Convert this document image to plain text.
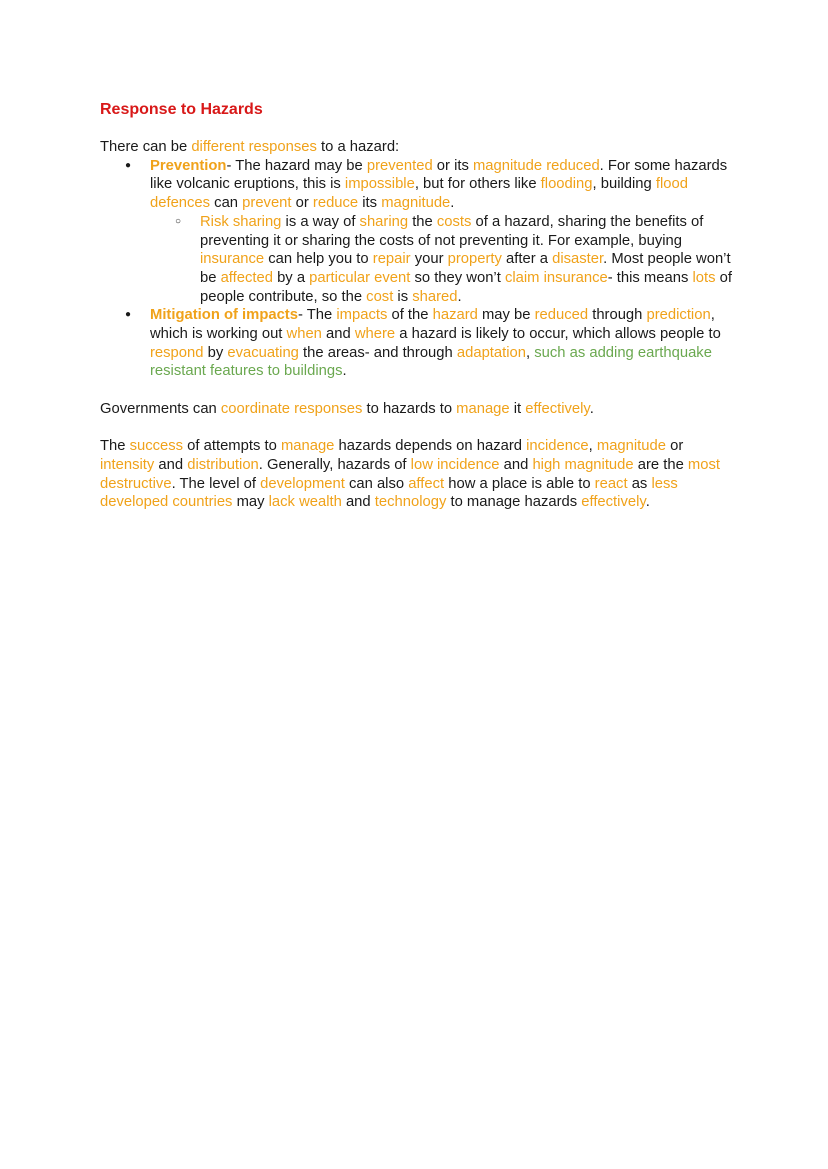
Response to Hazards

There can be different responses to a hazard:

● Prevention- The hazard may be prevented or its magnitude reduced. For some hazards like volcanic eruptions, this is impossible, but for others like flooding, building flood defences can prevent or reduce its magnitude.
○ Risk sharing is a way of sharing the costs of a hazard, sharing the benefits of preventing it or sharing the costs of not preventing it. For example, buying insurance can help you to repair your property after a disaster. Most people won’t be affected by a particular event so they won’t claim insurance- this means lots of people contribute, so the cost is shared.
● Mitigation of impacts- The impacts of the hazard may be reduced through prediction, which is working out when and where a hazard is likely to occur, which allows people to respond by evacuating the areas- and through adaptation, such as adding earthquake resistant features to buildings.

Governments can coordinate responses to hazards to manage it effectively.

The success of attempts to manage hazards depends on hazard incidence, magnitude or intensity and distribution. Generally, hazards of low incidence and high magnitude are the most destructive. The level of development can also affect how a place is able to react as less developed countries may lack wealth and technology to manage hazards effectively.
